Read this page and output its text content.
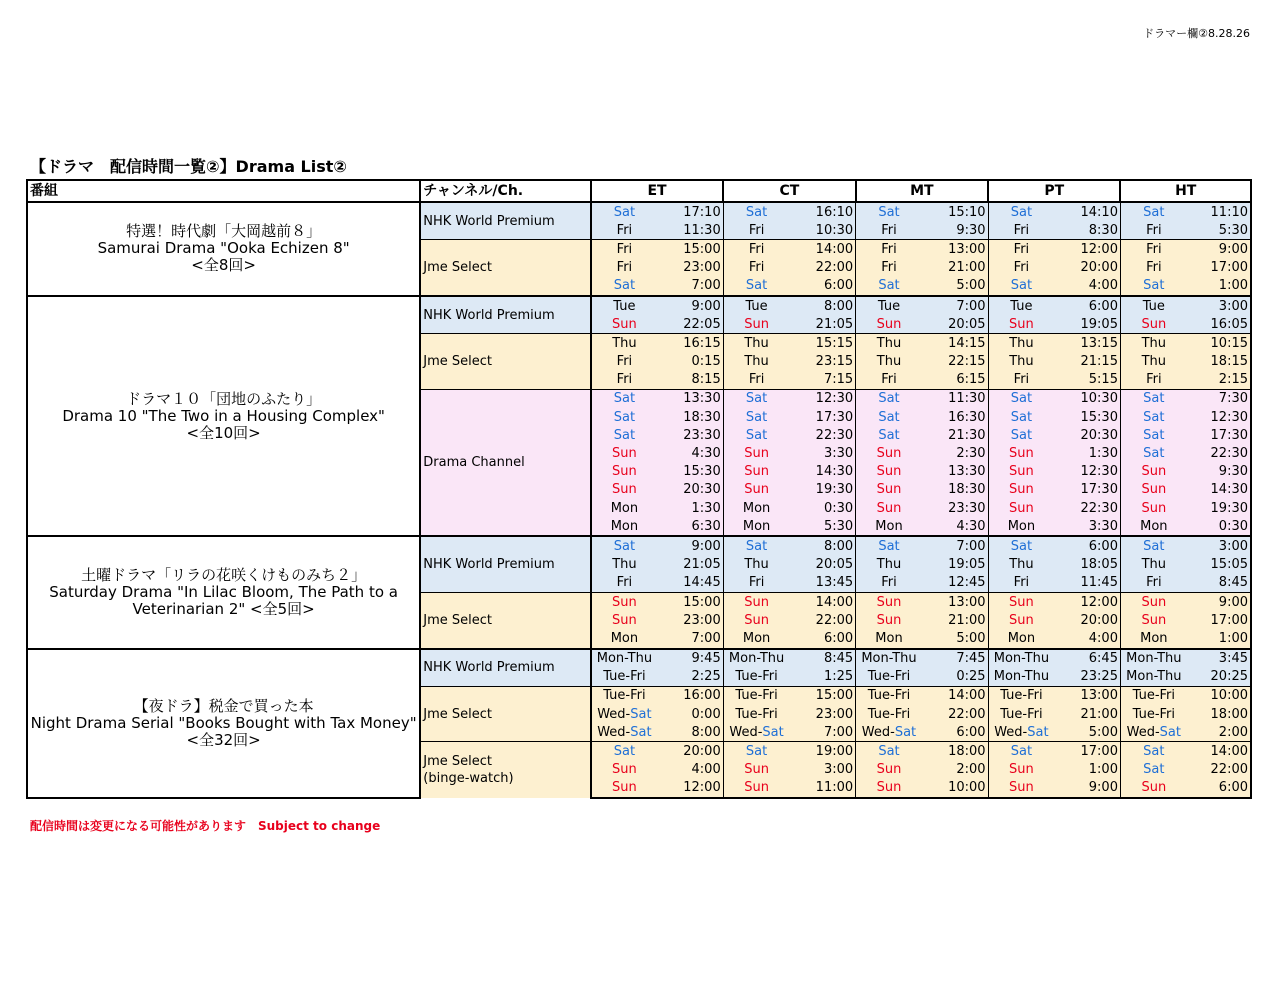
ドラマー欄②8.28.26
【ドラマ　配信時間一覧②】Drama List②
番組	チャンネル/Ch.	ET		CT		MT		PT		HT	

特選！時代劇「大岡越前８」
Samurai Drama "Ooka Echizen 8"
<全8回>	NHK World Premium	Sat	17:10	Sat	16:10	Sat	15:10	Sat	14:10	Sat	11:10
		Fri	11:30	Fri	10:30	Fri	9:30	Fri	8:30	Fri	5:30

	Jme Select	Fri	15:00	Fri	14:00	Fri	13:00	Fri	12:00	Fri	9:00
		Fri	23:00	Fri	22:00	Fri	21:00	Fri	20:00	Fri	17:00
		Sat	7:00	Sat	6:00	Sat	5:00	Sat	4:00	Sat	1:00

ドラマ１０「団地のふたり」
Drama 10 "The Two in a Housing Complex"
<全10回>	NHK World Premium	Tue	9:00	Tue	8:00	Tue	7:00	Tue	6:00	Tue	3:00
		Sun	22:05	Sun	21:05	Sun	20:05	Sun	19:05	Sun	16:05

	Jme Select	Thu	16:15	Thu	15:15	Thu	14:15	Thu	13:15	Thu	10:15
		Fri	0:15	Thu	23:15	Thu	22:15	Thu	21:15	Thu	18:15
		Fri	8:15	Fri	7:15	Fri	6:15	Fri	5:15	Fri	2:15

	Drama Channel	Sat	13:30	Sat	12:30	Sat	11:30	Sat	10:30	Sat	7:30
		Sat	18:30	Sat	17:30	Sat	16:30	Sat	15:30	Sat	12:30
		Sat	23:30	Sat	22:30	Sat	21:30	Sat	20:30	Sat	17:30
		Sun	4:30	Sun	3:30	Sun	2:30	Sun	1:30	Sat	22:30
		Sun	15:30	Sun	14:30	Sun	13:30	Sun	12:30	Sun	9:30
		Sun	20:30	Sun	19:30	Sun	18:30	Sun	17:30	Sun	14:30
		Mon	1:30	Mon	0:30	Sun	23:30	Sun	22:30	Sun	19:30
		Mon	6:30	Mon	5:30	Mon	4:30	Mon	3:30	Mon	0:30

土曜ドラマ「リラの花咲くけものみち２」
Saturday Drama "In Lilac Bloom, The Path to a Veterinarian 2" <全5回>	NHK World Premium	Sat	9:00	Sat	8:00	Sat	7:00	Sat	6:00	Sat	3:00
		Thu	21:05	Thu	20:05	Thu	19:05	Thu	18:05	Thu	15:05
		Fri	14:45	Fri	13:45	Fri	12:45	Fri	11:45	Fri	8:45

	Jme Select	Sun	15:00	Sun	14:00	Sun	13:00	Sun	12:00	Sun	9:00
		Sun	23:00	Sun	22:00	Sun	21:00	Sun	20:00	Sun	17:00
		Mon	7:00	Mon	6:00	Mon	5:00	Mon	4:00	Mon	1:00

【夜ドラ】税金で買った本
Night Drama Serial "Books Bought with Tax Money"<全32回>	NHK World Premium	Mon-Thu	9:45	Mon-Thu	8:45	Mon-Thu	7:45	Mon-Thu	6:45	Mon-Thu	3:45
		Tue-Fri	2:25	Tue-Fri	1:25	Tue-Fri	0:25	Mon-Thu	23:25	Mon-Thu	20:25

	Jme Select	Tue-Fri	16:00	Tue-Fri	15:00	Tue-Fri	14:00	Tue-Fri	13:00	Tue-Fri	10:00
		Wed-Sat	0:00	Tue-Fri	23:00	Tue-Fri	22:00	Tue-Fri	21:00	Tue-Fri	18:00
		Wed-Sat	8:00	Wed-Sat	7:00	Wed-Sat	6:00	Wed-Sat	5:00	Wed-Sat	2:00

	Jme Select
(binge-watch)	Sat	20:00	Sat	19:00	Sat	18:00	Sat	17:00	Sat	14:00
		Sun	4:00	Sun	3:00	Sun	2:00	Sun	1:00	Sat	22:00
		Sun	12:00	Sun	11:00	Sun	10:00	Sun	9:00	Sun	6:00
配信時間は変更になる可能性があります　Subject to change
